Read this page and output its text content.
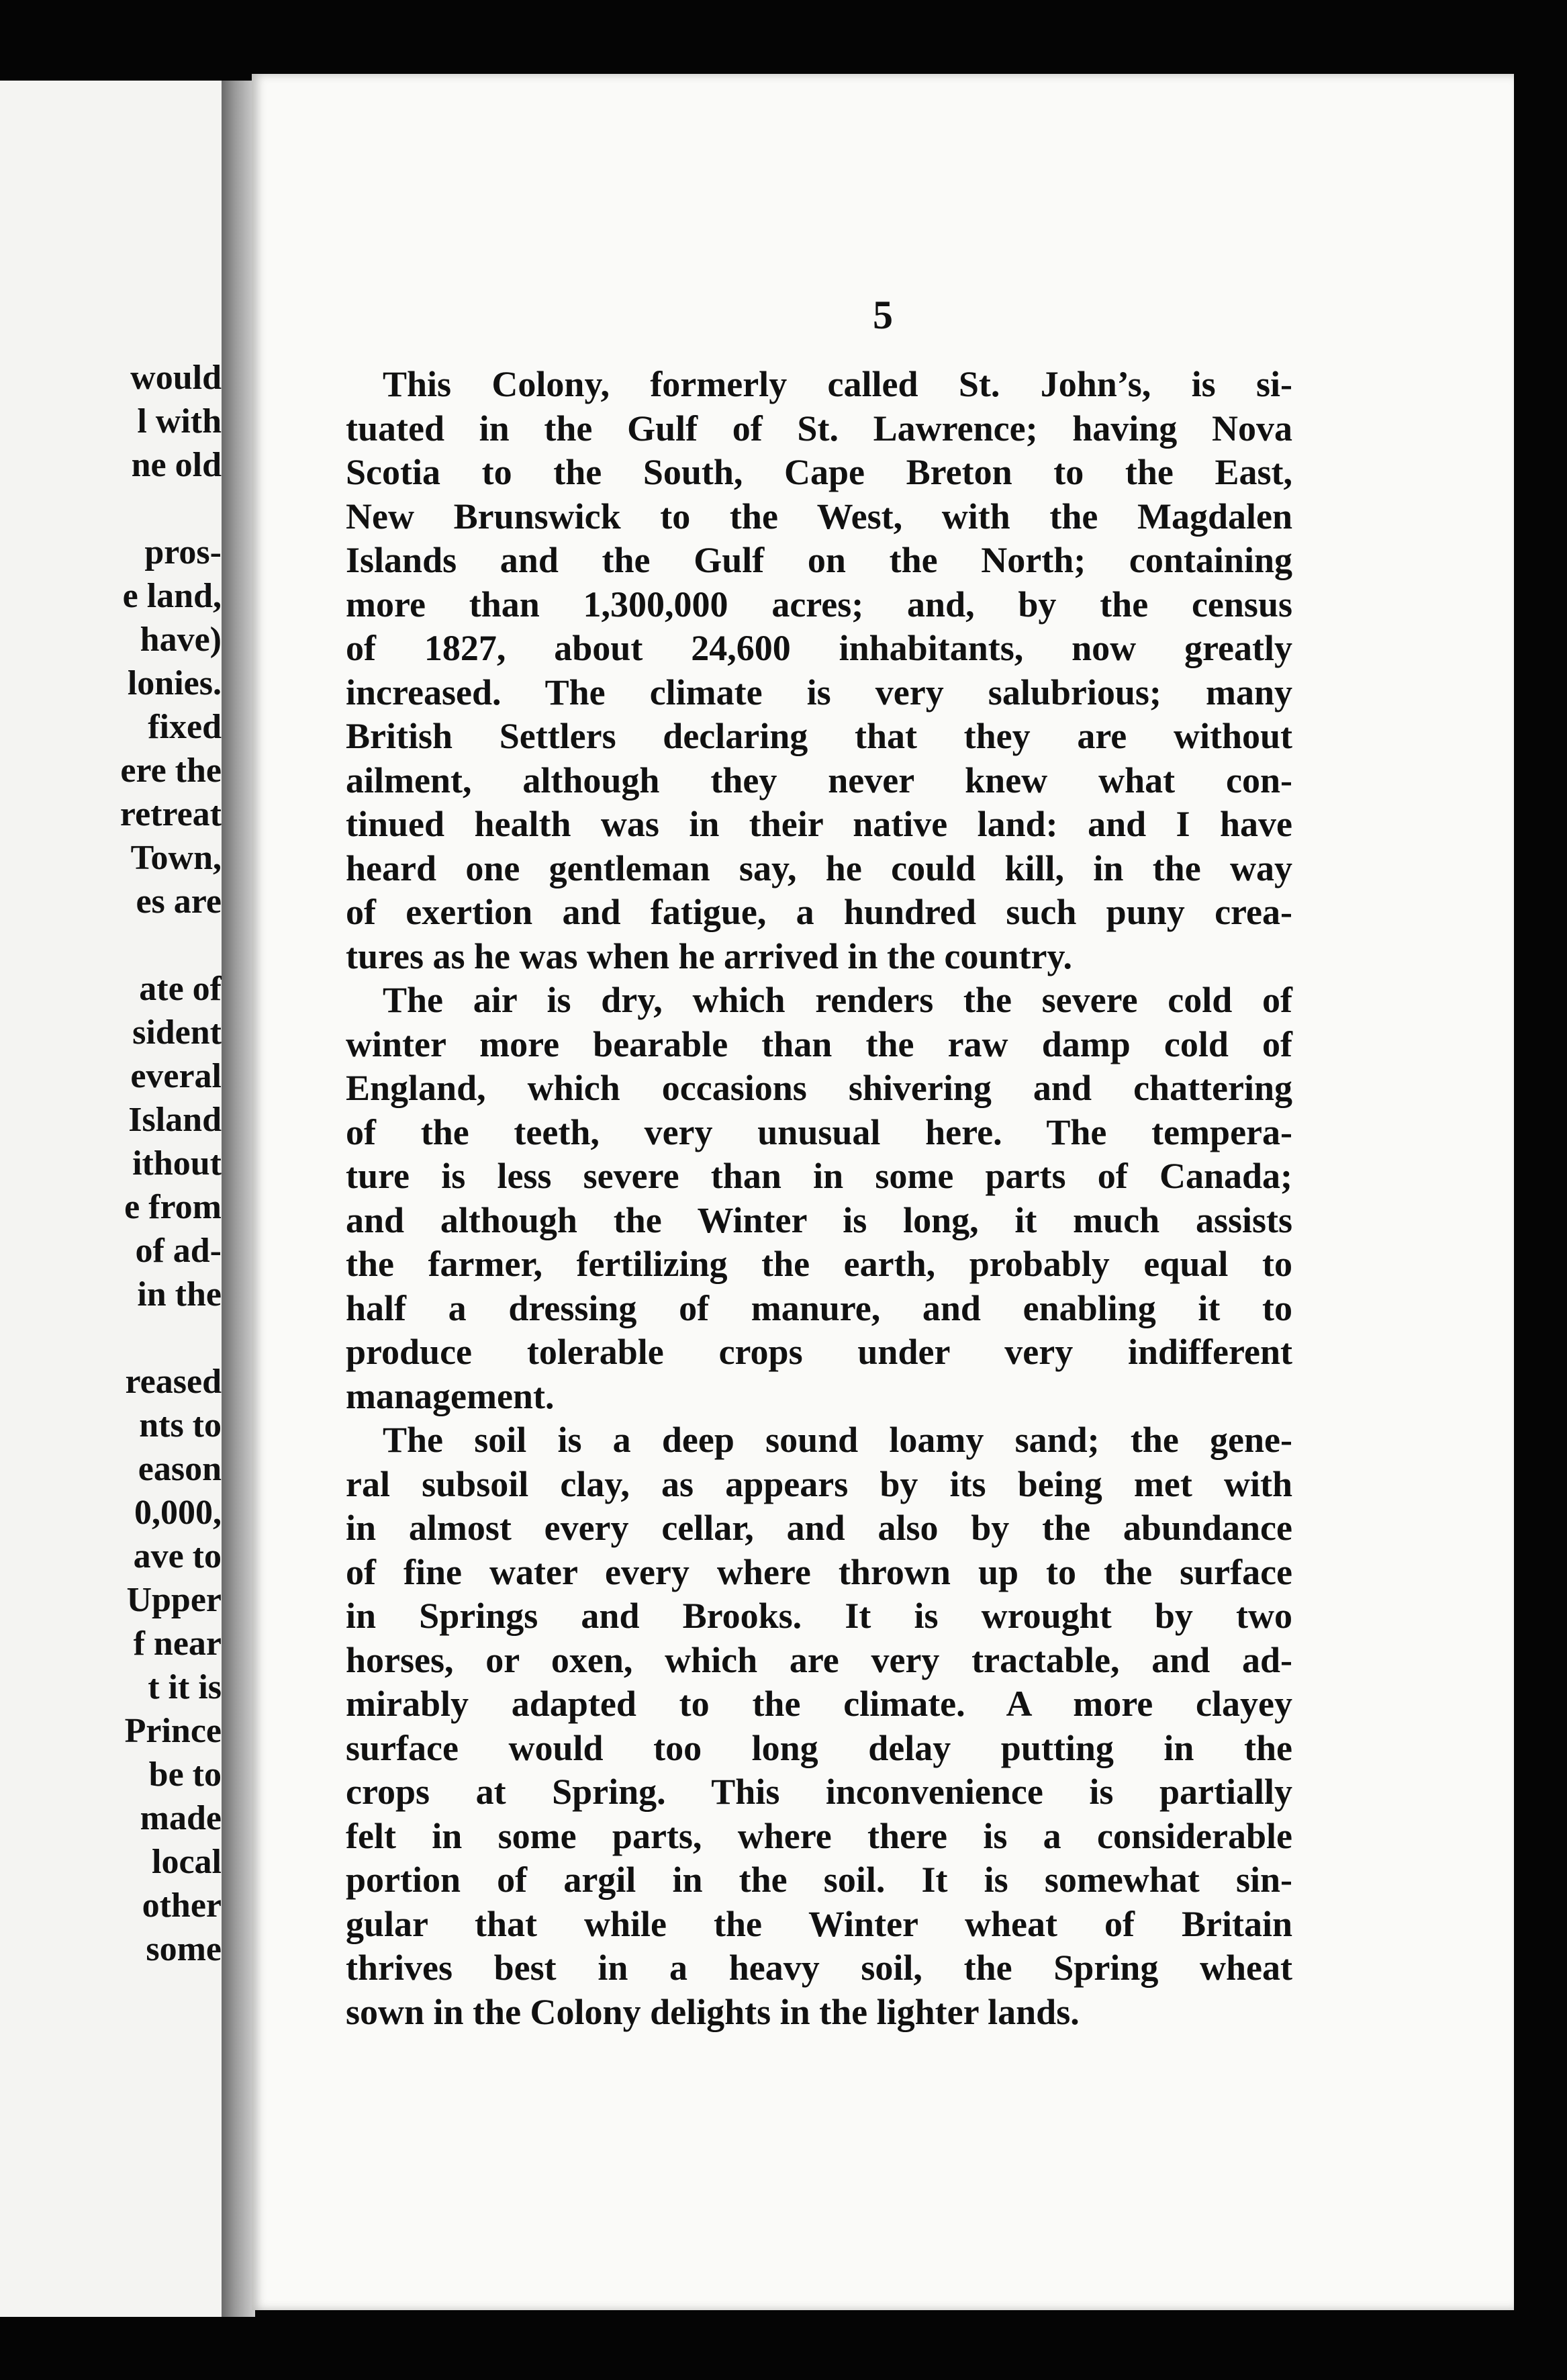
would
l with
ne old
pros-
e land,
have)
lonies.
fixed
ere the
retreat
Town,
es are
ate of
sident
everal
Island
ithout
e from
of ad-
in the
reased
nts to
eason
0,000,
ave to
Upper
f near
t it is
Prince
be to
made
local
other
some
5
This Colony, formerly called St. John’s, is si-
tuated in the Gulf of St. Lawrence; having Nova
Scotia to the South, Cape Breton to the East,
New Brunswick to the West, with the Magdalen
Islands and the Gulf on the North; containing
more than 1,300,000 acres; and, by the census
of 1827, about 24,600 inhabitants, now greatly
increased. The climate is very salubrious; many
British Settlers declaring that they are without
ailment, although they never knew what con-
tinued health was in their native land: and I have
heard one gentleman say, he could kill, in the way
of exertion and fatigue, a hundred such puny crea-
tures as he was when he arrived in the country.
The air is dry, which renders the severe cold of
winter more bearable than the raw damp cold of
England, which occasions shivering and chattering
of the teeth, very unusual here. The tempera-
ture is less severe than in some parts of Canada;
and although the Winter is long, it much assists
the farmer, fertilizing the earth, probably equal to
half a dressing of manure, and enabling it to
produce tolerable crops under very indifferent
management.
The soil is a deep sound loamy sand; the gene-
ral subsoil clay, as appears by its being met with
in almost every cellar, and also by the abundance
of fine water every where thrown up to the surface
in Springs and Brooks. It is wrought by two
horses, or oxen, which are very tractable, and ad-
mirably adapted to the climate. A more clayey
surface would too long delay putting in the
crops at Spring. This inconvenience is partially
felt in some parts, where there is a considerable
portion of argil in the soil. It is somewhat sin-
gular that while the Winter wheat of Britain
thrives best in a heavy soil, the Spring wheat
sown in the Colony delights in the lighter lands.
